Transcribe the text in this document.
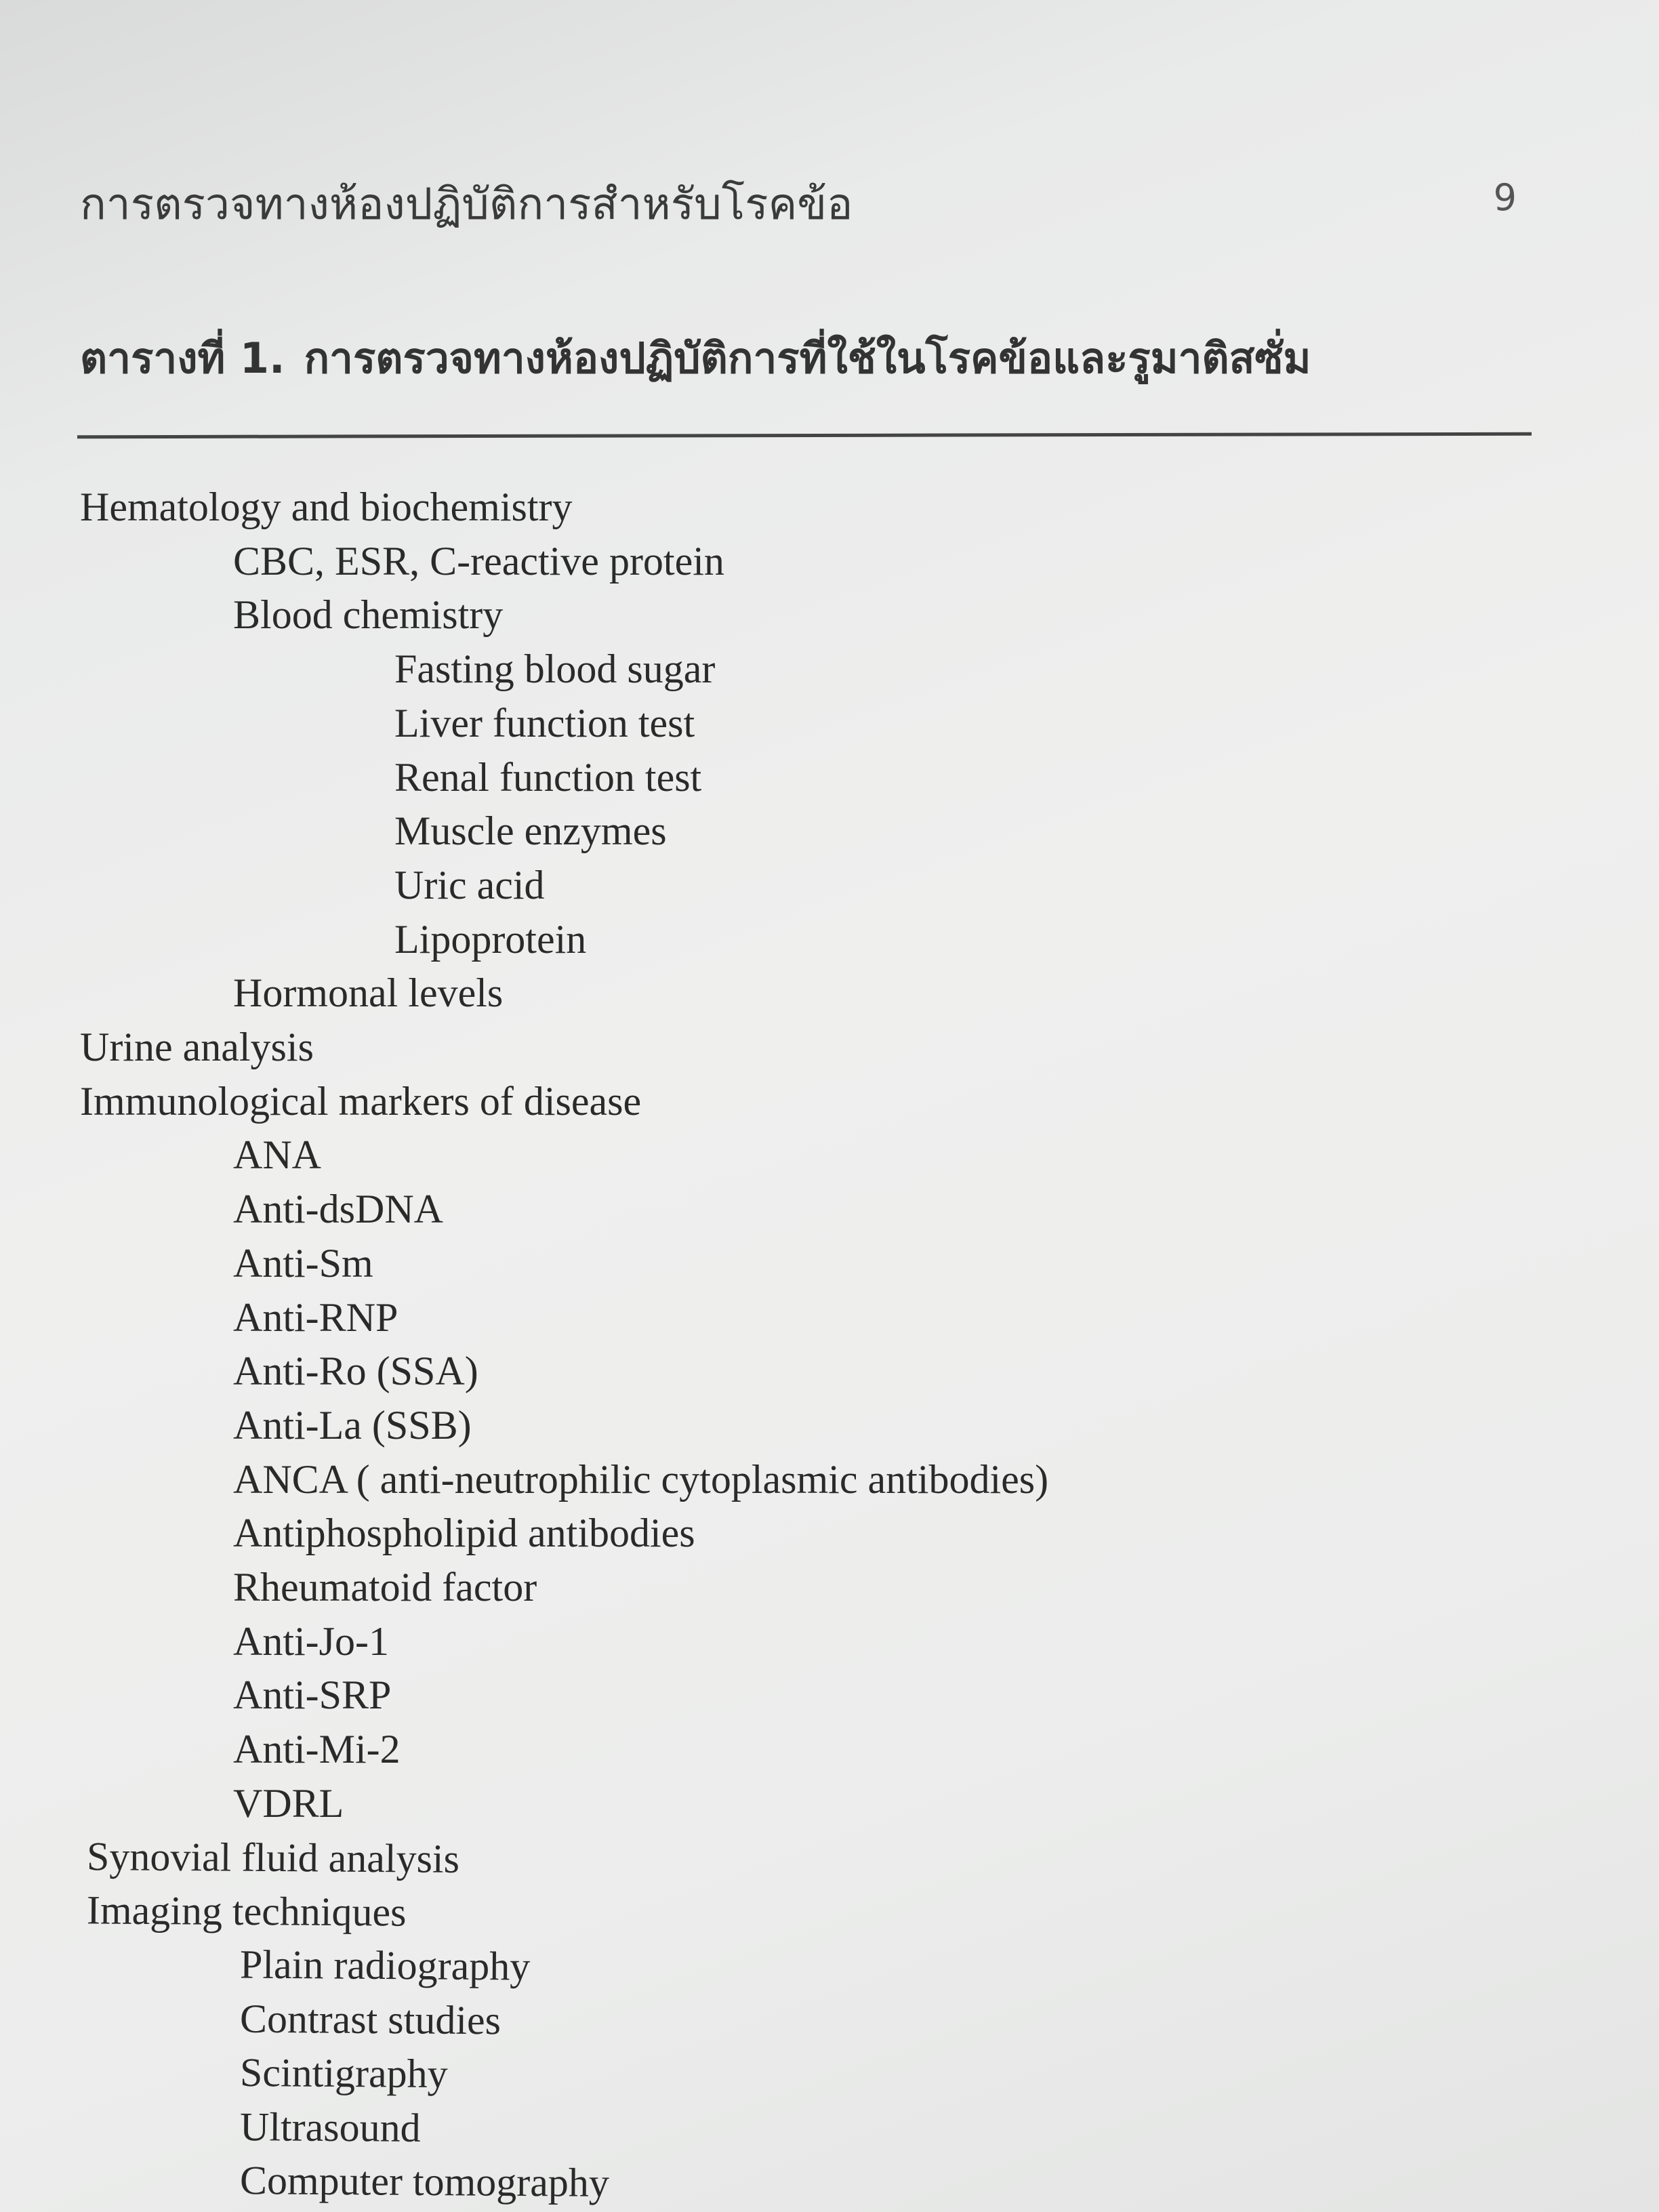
การตรวจทางห้องปฏิบัติการสำหรับโรคข้อ	9
ตารางที่ 1. การตรวจทางห้องปฏิบัติการที่ใช้ในโรคข้อและรูมาติสซั่ม
Hematology and biochemistry
CBC, ESR, C-reactive protein
Blood chemistry
Fasting blood sugar
Liver function test
Renal function test
Muscle enzymes
Uric acid
Lipoprotein
Hormonal levels
Urine analysis
Immunological markers of disease
ANA
Anti-dsDNA
Anti-Sm
Anti-RNP
Anti-Ro (SSA)
Anti-La (SSB)
ANCA ( anti-neutrophilic cytoplasmic antibodies)
Antiphospholipid antibodies
Rheumatoid factor
Anti-Jo-1
Anti-SRP
Anti-Mi-2
VDRL
Synovial fluid analysis
Imaging techniques
Plain radiography
Contrast studies
Scintigraphy
Ultrasound
Computer tomography
